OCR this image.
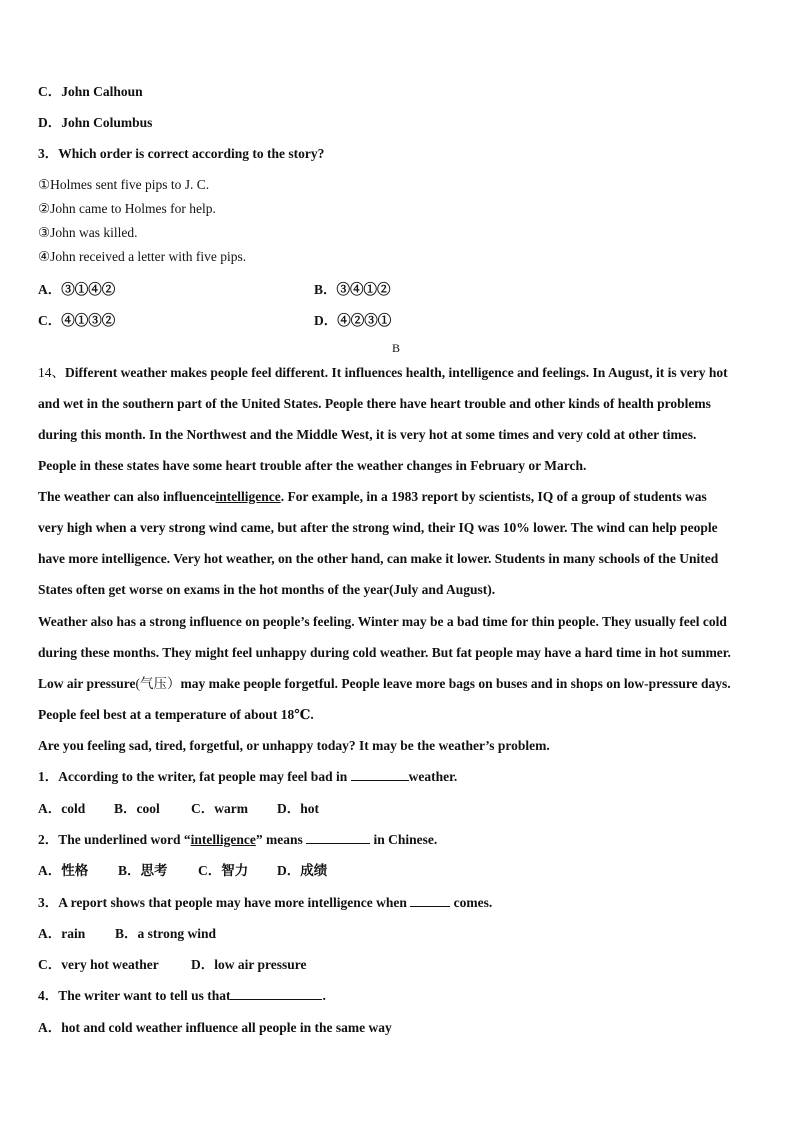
C．John Calhoun
D．John Columbus
3．Which order is correct according to the story?
①Holmes sent five pips to J. C.
②John came to Holmes for help.
③John was killed.
④John received a letter with five pips.
A．③①④②	B．③④①②
C．④①③②	D．④②③①
B
14、Different weather makes people feel different. It influences health, intelligence and feelings. In August, it is very hot
and wet in the southern part of the United States. People there have heart trouble and other kinds of health problems
during this month. In the Northwest and the Middle West, it is very hot at some times and very cold at other times.
People in these states have some heart trouble after the weather changes in February or March.
The weather can also influenceintelligence. For example, in a 1983 report by scientists, IQ of a group of students was
very high when a very strong wind came, but after the strong wind, their IQ was 10% lower. The wind can help people
have more intelligence. Very hot weather, on the other hand, can make it lower. Students in many schools of the United
States often get worse on exams in the hot months of the year(July and August).
Weather also has a strong influence on people’s feeling. Winter may be a bad time for thin people. They usually feel cold
during these months. They might feel unhappy during cold weather. But fat people may have a hard time in hot summer.
Low air pressure(气压）may make people forgetful. People leave more bags on buses and in shops on low-pressure days.
People feel best at a temperature of about 18℃.
Are you feeling sad, tired, forgetful, or unhappy today? It may be the weather’s problem.
1．According to the writer, fat people may feel bad in	weather.
A．cold B．cool C．warm D．hot
2．The underlined word “intelligence” means	in Chinese.
A．性格 B．思考 C．智力 D．成绩
3．A report shows that people may have more intelligence when	comes.
A．rain B．a strong wind
C．very hot weather D．low air pressure
4．The writer want to tell us that	.
A．hot and cold weather influence all people in the same way
